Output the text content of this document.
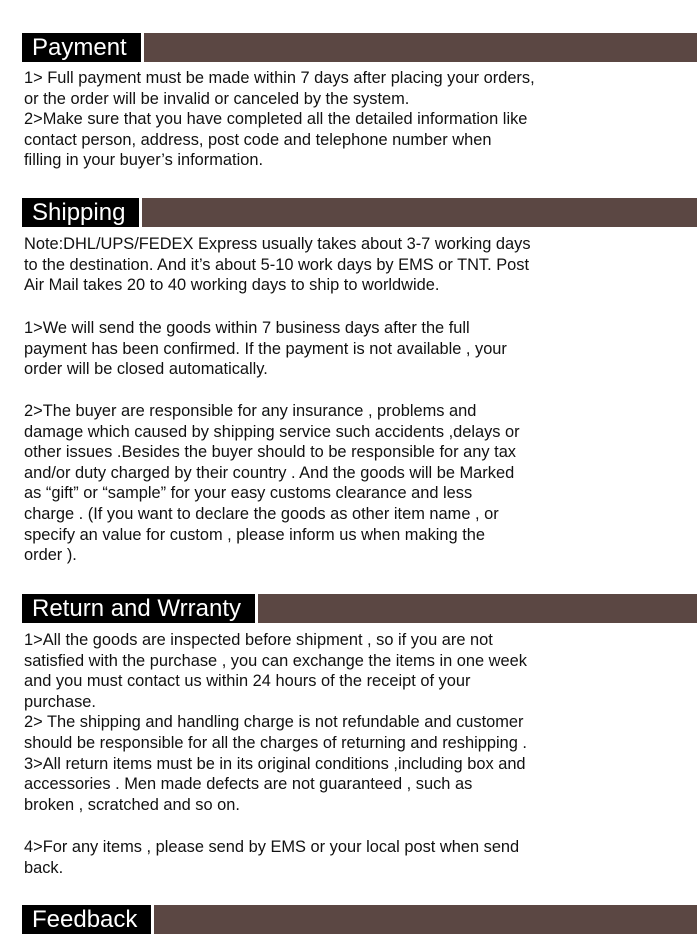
Payment
1> Full payment must be made within 7 days after placing your orders,
or the order will be invalid or canceled by the system.
2>Make sure that you have completed all the detailed information like
contact person, address, post code and telephone number when
filling in your buyer’s information.
Shipping
Note:DHL/UPS/FEDEX Express usually takes about 3-7 working days
to the destination. And it’s about 5-10 work days by EMS or TNT. Post
Air Mail takes 20 to 40 working days to ship to worldwide.
1>We will send the goods within 7 business days after the full
payment has been confirmed. If the payment is not available , your
order will be closed automatically.
2>The buyer are responsible for any insurance , problems and
damage which caused by shipping service such accidents ,delays or
other issues .Besides the buyer should to be responsible for any tax
and/or duty charged by their country . And the goods will be Marked
as “gift” or “sample” for your easy customs clearance and less
charge . (If you want to declare the goods as other item name , or
specify an value for custom , please inform us when making the
order ).
Return and Wrranty
1>All the goods are inspected before shipment , so if you are not
satisfied with the purchase , you can exchange the items in one week
and you must contact us within 24 hours of the receipt of your
purchase.
2> The shipping and handling charge is not refundable and customer
should be responsible for all the charges of returning and reshipping .
3>All return items must be in its original conditions ,including box and
accessories . Men made defects are not guaranteed , such as
broken , scratched and so on.
4>For any items , please send by EMS or your local post when send
back.
Feedback
